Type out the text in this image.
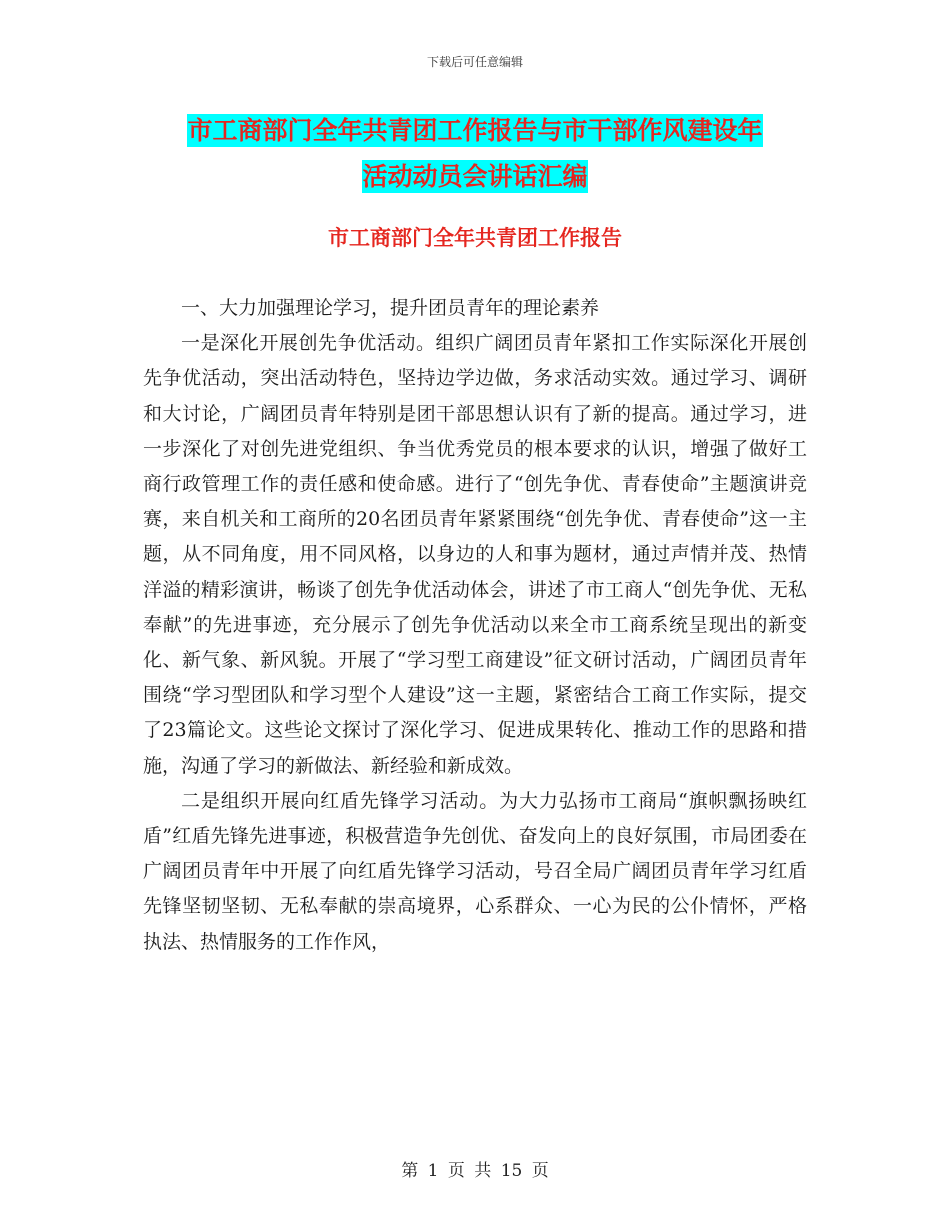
下载后可任意编辑
市工商部门全年共青团工作报告与市干部作风建设年
活动动员会讲话汇编
市工商部门全年共青团工作报告

一、大力加强理论学习，提升团员青年的理论素养

一是深化开展创先争优活动。组织广阔团员青年紧扣工作实际深化开展创先争优活动，突出活动特色，坚持边学边做，务求活动实效。通过学习、调研和大讨论，广阔团员青年特别是团干部思想认识有了新的提高。通过学习，进一步深化了对创先进党组织、争当优秀党员的根本要求的认识，增强了做好工商行政管理工作的责任感和使命感。进行了“创先争优、青春使命”主题演讲竞赛，来自机关和工商所的20名团员青年紧紧围绕“创先争优、青春使命”这一主题，从不同角度，用不同风格，以身边的人和事为题材，通过声情并茂、热情洋溢的精彩演讲，畅谈了创先争优活动体会，讲述了市工商人“创先争优、无私奉献”的先进事迹，充分展示了创先争优活动以来全市工商系统呈现出的新变化、新气象、新风貌。开展了“学习型工商建设”征文研讨活动，广阔团员青年围绕“学习型团队和学习型个人建设”这一主题，紧密结合工商工作实际，提交了23篇论文。这些论文探讨了深化学习、促进成果转化、推动工作的思路和措施，沟通了学习的新做法、新经验和新成效。

二是组织开展向红盾先锋学习活动。为大力弘扬市工商局“旗帜飘扬映红盾”红盾先锋先进事迹，积极营造争先创优、奋发向上的良好氛围，市局团委在广阔团员青年中开展了向红盾先锋学习活动，号召全局广阔团员青年学习红盾先锋坚韧坚韧、无私奉献的崇高境界，心系群众、一心为民的公仆情怀，严格执法、热情服务的工作作风，

第 1 页 共 15 页
